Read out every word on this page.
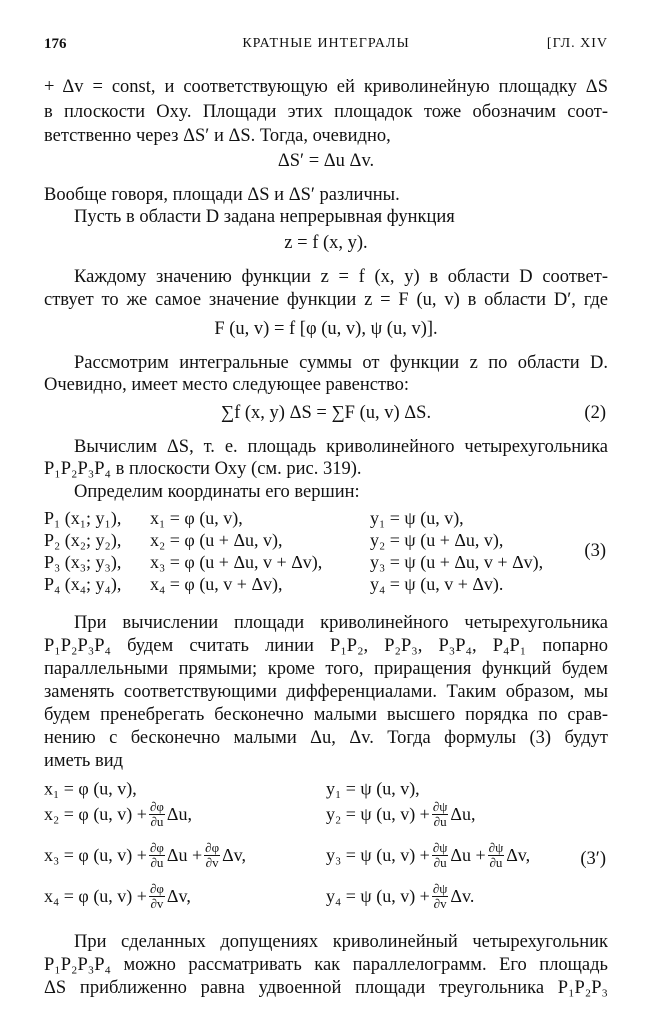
176	КРАТНЫЕ ИНТЕГРАЛЫ	[ГЛ. XIV
+ Δv = const, и соответствующую ей криволинейную площадку ΔS
в плоскости Oxy. Площади этих площадок тоже обозначим соот-
ветственно через ΔS′ и ΔS. Тогда, очевидно,
ΔS′ = Δu Δv.
Вообще говоря, площади ΔS и ΔS′ различны.
Пусть в области D задана непрерывная функция
z = f (x, y).
Каждому значению функции z = f (x, y) в области D соответ-
ствует то же самое значение функции z = F (u, v) в области D′, где
F (u, v) = f [φ (u, v), ψ (u, v)].
Рассмотрим интегральные суммы от функции z по области D.
Очевидно, имеет место следующее равенство:
∑f (x, y) ΔS = ∑F (u, v) ΔS.	(2)
Вычислим ΔS, т. е. площадь криволинейного четырехугольника
P₁P₂P₃P₄ в плоскости Oxy (см. рис. 319).
Определим координаты его вершин:
P₁ (x₁; y₁), x₁ = φ (u, v),	y₁ = ψ (u, v),
P₂ (x₂; y₂), x₂ = φ (u + Δu, v),	y₂ = ψ (u + Δu, v),
P₃ (x₃; y₃), x₃ = φ (u + Δu, v + Δv),	y₃ = ψ (u + Δu, v + Δv),
P₄ (x₄; y₄), x₄ = φ (u, v + Δv),	y₄ = ψ (u, v + Δv).
(3)
При вычислении площади криволинейного четырехугольника
P₁P₂P₃P₄ будем считать линии P₁P₂, P₂P₃, P₃P₄, P₄P₁ попарно
параллельными прямыми; кроме того, приращения функций будем
заменять соответствующими дифференциалами. Таким образом, мы
будем пренебрегать бесконечно малыми высшего порядка по срав-
нению с бесконечно малыми Δu, Δv. Тогда формулы (3) будут
иметь вид
x₁ = φ (u, v),	y₁ = ψ (u, v),
x₂ = φ (u, $v) + \frac{\partial\varphi}{\partial u} \Delta u$,	y₂ = ψ (u, $v) + \frac{\partial\psi}{\partial u} \Delta u$,
x₃ = φ (u, $v) + \frac{\partial\varphi}{\partial u}$ $\Delta u + \frac{\partial\varphi}{\partial v} \Delta v$,	y₃ = ψ (u, $v) + \frac{\partial\psi}{\partial u}$ $\Delta u + \frac{\partial\psi}{\partial u} \Delta v$,	(3′)
x₄ = φ (u, $v) + \frac{\partial\varphi}{\partial v} \Delta v$,	y₄ = ψ (u, $v) + \frac{\partial\psi}{\partial v} \Delta v$.
При сделанных допущениях криволинейный четырехугольник
P₁P₂P₃P₄ можно рассматривать как параллелограмм. Его площадь
ΔS приближенно равна удвоенной площади треугольника P₁P₂P₃
